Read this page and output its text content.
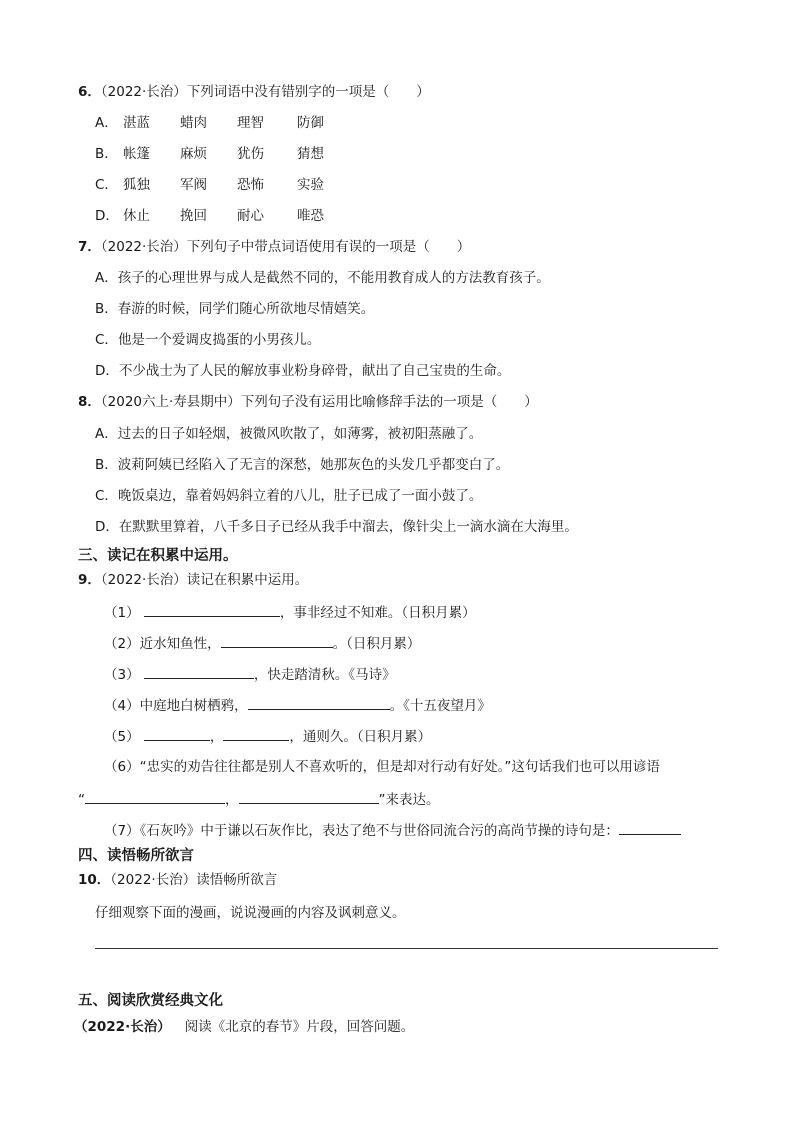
6．（2022·长治）下列词语中没有错别字的一项是（　　）
A． 湛蓝 蜡肉 理智 防御
B． 帐篷 麻烦 犹伤 猜想
C． 狐独 军阀 恐怖 实验
D． 休止 挽回 耐心 唯恐
7．（2022·长治）下列句子中带点词语使用有误的一项是（　　）
A．孩子的心理世界与成人是截然不同的，不能用教育成人的方法教育孩子。
B．春游的时候，同学们随心所欲地尽情嬉笑。
C．他是一个爱调皮捣蛋的小男孩儿。
D．不少战士为了人民的解放事业粉身碎骨，献出了自己宝贵的生命。
8．（2020六上·寿县期中）下列句子没有运用比喻修辞手法的一项是（　　）
A．过去的日子如轻烟，被微风吹散了，如薄雾，被初阳蒸融了。
B．波莉阿姨已经陷入了无言的深愁，她那灰色的头发几乎都变白了。
C．晚饭桌边，靠着妈妈斜立着的八儿，肚子已成了一面小鼓了。
D．在默默里算着，八千多日子已经从我手中溜去，像针尖上一滴水滴在大海里。
三、读记在积累中运用。
9．（2022·长治）读记在积累中运用。
（1）	，事非经过不知难。（日积月累）
（2）近水知鱼性，	。（日积月累）
（3）	，快走踏清秋。《马诗》
（4）中庭地白树栖鸦，	。《十五夜望月》
（5）	，	，通则久。（日积月累）
（6）“忠实的劝告往往都是别人不喜欢听的，但是却对行动有好处。”这句话我们也可以用谚语
“	，	”来表达。
（7）《石灰吟》中于谦以石灰作比，表达了绝不与世俗同流合污的高尚节操的诗句是：
四、读悟畅所欲言
10．（2022·长治）读悟畅所欲言
仔细观察下面的漫画，说说漫画的内容及讽刺意义。
五、阅读欣赏经典文化
（2022·长治） 阅读《北京的春节》片段，回答问题。
